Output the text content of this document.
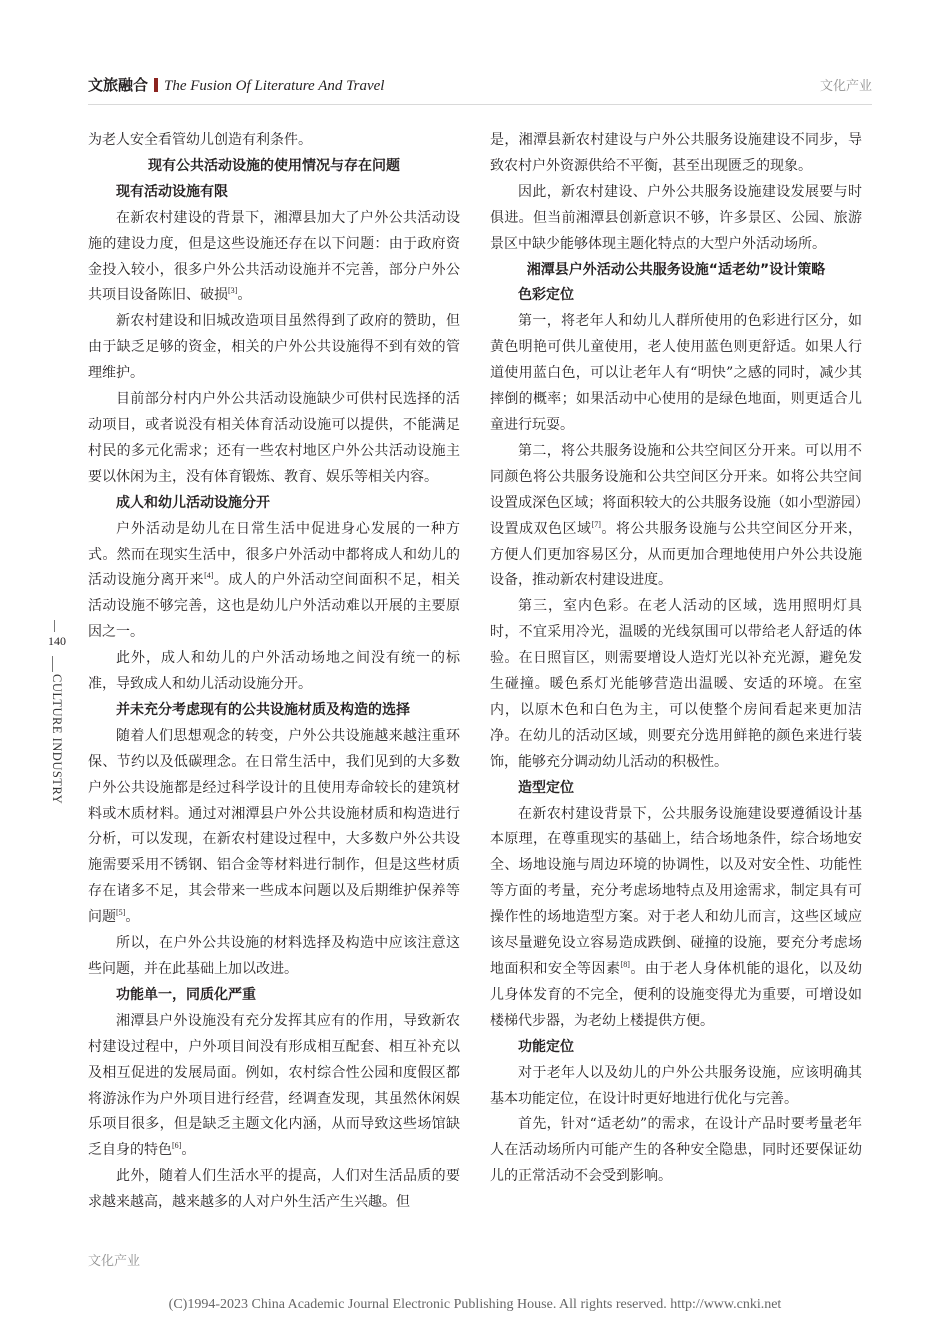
文旅融合 The Fusion Of Literature And Travel	文化产业
140
CULTURE INDUSTRY

为老人安全看管幼儿创造有利条件。

现有公共活动设施的使用情况与存在问题

现有活动设施有限

在新农村建设的背景下，湘潭县加大了户外公共活动设施的建设力度，但是这些设施还存在以下问题：由于政府资金投入较小，很多户外公共活动设施并不完善，部分户外公共项目设备陈旧、破损[3]。

新农村建设和旧城改造项目虽然得到了政府的赞助，但由于缺乏足够的资金，相关的户外公共设施得不到有效的管理维护。

目前部分村内户外公共活动设施缺少可供村民选择的活动项目，或者说没有相关体育活动设施可以提供，不能满足村民的多元化需求；还有一些农村地区户外公共活动设施主要以休闲为主，没有体育锻炼、教育、娱乐等相关内容。

成人和幼儿活动设施分开

户外活动是幼儿在日常生活中促进身心发展的一种方式。然而在现实生活中，很多户外活动中都将成人和幼儿的活动设施分离开来[4]。成人的户外活动空间面积不足，相关活动设施不够完善，这也是幼儿户外活动难以开展的主要原因之一。

此外，成人和幼儿的户外活动场地之间没有统一的标准，导致成人和幼儿活动设施分开。

并未充分考虑现有的公共设施材质及构造的选择

随着人们思想观念的转变，户外公共设施越来越注重环保、节约以及低碳理念。在日常生活中，我们见到的大多数户外公共设施都是经过科学设计的且使用寿命较长的建筑材料或木质材料。通过对湘潭县户外公共设施材质和构造进行分析，可以发现，在新农村建设过程中，大多数户外公共设施需要采用不锈钢、铝合金等材料进行制作，但是这些材质存在诸多不足，其会带来一些成本问题以及后期维护保养等问题[5]。

所以，在户外公共设施的材料选择及构造中应该注意这些问题，并在此基础上加以改进。

功能单一，同质化严重

湘潭县户外设施没有充分发挥其应有的作用，导致新农村建设过程中，户外项目间没有形成相互配套、相互补充以及相互促进的发展局面。例如，农村综合性公园和度假区都将游泳作为户外项目进行经营，经调查发现，其虽然休闲娱乐项目很多，但是缺乏主题文化内涵，从而导致这些场馆缺乏自身的特色[6]。

此外，随着人们生活水平的提高，人们对生活品质的要求越来越高，越来越多的人对户外生活产生兴趣。但

是，湘潭县新农村建设与户外公共服务设施建设不同步，导致农村户外资源供给不平衡，甚至出现匮乏的现象。

因此，新农村建设、户外公共服务设施建设发展要与时俱进。但当前湘潭县创新意识不够，许多景区、公园、旅游景区中缺少能够体现主题化特点的大型户外活动场所。

湘潭县户外活动公共服务设施“适老幼”设计策略

色彩定位

第一，将老年人和幼儿人群所使用的色彩进行区分，如黄色明艳可供儿童使用，老人使用蓝色则更舒适。如果人行道使用蓝白色，可以让老年人有“明快”之感的同时，减少其摔倒的概率；如果活动中心使用的是绿色地面，则更适合儿童进行玩耍。

第二，将公共服务设施和公共空间区分开来。可以用不同颜色将公共服务设施和公共空间区分开来。如将公共空间设置成深色区域；将面积较大的公共服务设施（如小型游园）设置成双色区域[7]。将公共服务设施与公共空间区分开来，方便人们更加容易区分，从而更加合理地使用户外公共设施设备，推动新农村建设进度。

第三，室内色彩。在老人活动的区域，选用照明灯具时，不宜采用冷光，温暖的光线氛围可以带给老人舒适的体验。在日照盲区，则需要增设人造灯光以补充光源，避免发生碰撞。暖色系灯光能够营造出温暖、安适的环境。在室内，以原木色和白色为主，可以使整个房间看起来更加洁净。在幼儿的活动区域，则要充分选用鲜艳的颜色来进行装饰，能够充分调动幼儿活动的积极性。

造型定位

在新农村建设背景下，公共服务设施建设要遵循设计基本原理，在尊重现实的基础上，结合场地条件，综合场地安全、场地设施与周边环境的协调性，以及对安全性、功能性等方面的考量，充分考虑场地特点及用途需求，制定具有可操作性的场地造型方案。对于老人和幼儿而言，这些区域应该尽量避免设立容易造成跌倒、碰撞的设施，要充分考虑场地面积和安全等因素[8]。由于老人身体机能的退化，以及幼儿身体发育的不完全，便利的设施变得尤为重要，可增设如楼梯代步器，为老幼上楼提供方便。

功能定位

对于老年人以及幼儿的户外公共服务设施，应该明确其基本功能定位，在设计时更好地进行优化与完善。

首先，针对“适老幼”的需求，在设计产品时要考量老年人在活动场所内可能产生的各种安全隐患，同时还要保证幼儿的正常活动不会受到影响。

文化产业
(C)1994-2023 China Academic Journal Electronic Publishing House. All rights reserved. http://www.cnki.net
